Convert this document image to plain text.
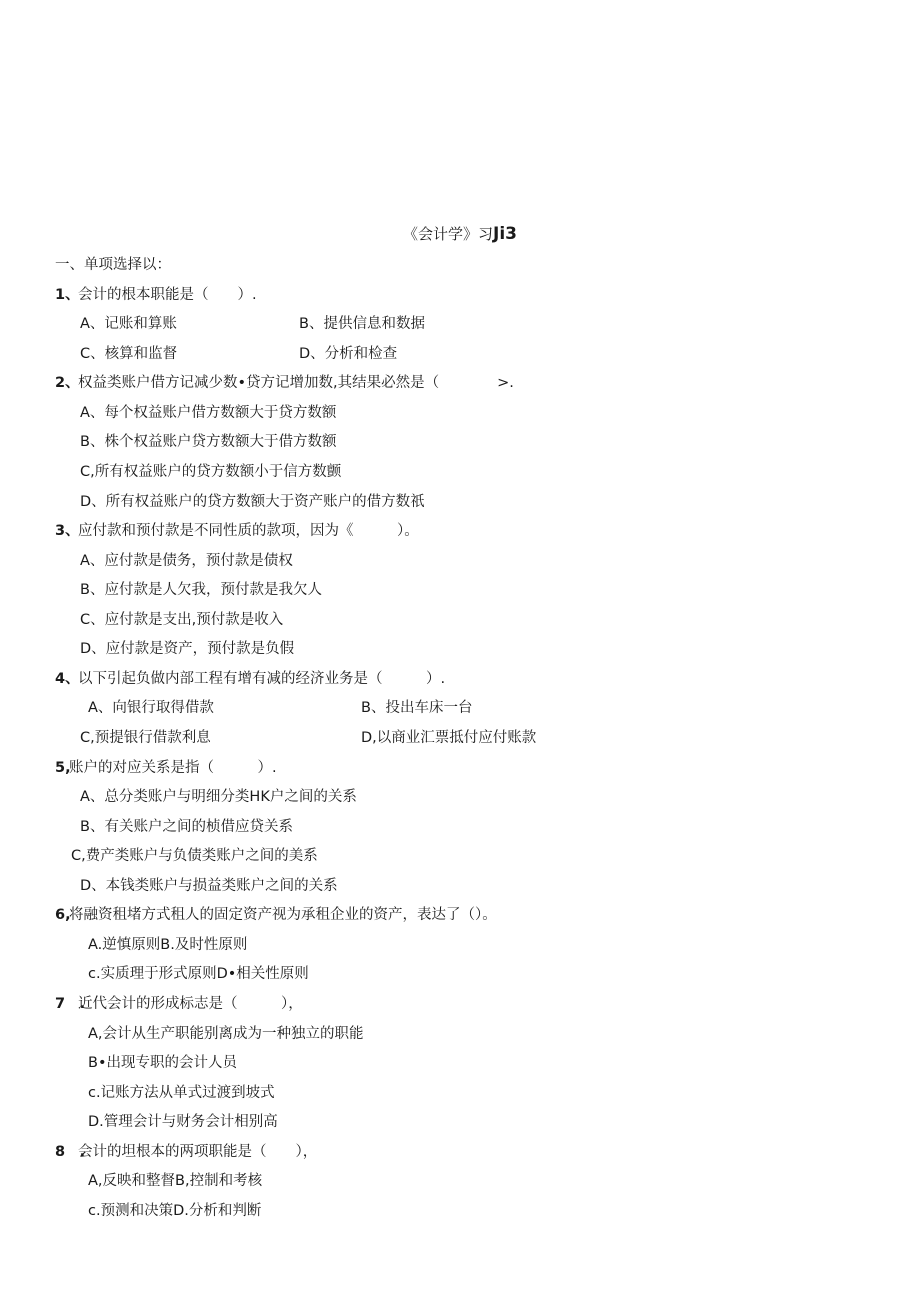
《会计学》习Ji3
一、单项选择以：
1、
会计的根本职能是（　　）.
A、记账和算账	B、提供信息和数据
C、核算和监督	D、分析和检查
2、
权益类账户借方记减少数•贷方记增加数,其结果必然是（　　　　>.
A、每个权益账户借方数额大于贷方数额
B、株个权益账户贷方数额大于借方数额
C,所有权益账户的贷方数额小于信方数颤
D、所有权益账户的贷方数额大于资产账户的借方数祇
3、
应付款和预付款是不同性质的款项，因为《　　　）。
A、应付款是债务，预付款是债权
B、应付款是人欠我，预付款是我欠人
C、应付款是支出,预付款是收入
D、应付款是资产，预付款是负假
4、
以下引起负做内部工程有增有减的经济业务是（　　　）.
A、向银行取得借款	B、投出车床一台
C,预提银行借款利息	D,以商业汇票抵付应付账款
5,
账户的对应关系是指（　　　）.
A、总分类账户与明细分类HK户之间的关系
B、有关账户之间的桢借应贷关系
C,费产类账户与负债类账户之间的美系
D、本钱类账户与损益类账户之间的关系
6,
将融资租堵方式租人的固定资产视为承租企业的资产，表达了（）。
A.逆慎原则B.及时性原则
c.实质理于形式原则D•相关性原则
7　.
近代会计的形成标志是（　　　），
A,会计从生产职能别离成为一种独立的职能
B•出现专职的会计人员
c.记账方法从单式过渡到坡式
D.管理会计与财务会计相别高
8　.
会计的坦根本的两项职能是（　　），
A,反映和整督B,控制和考核
c.预测和决策D.分析和判断
